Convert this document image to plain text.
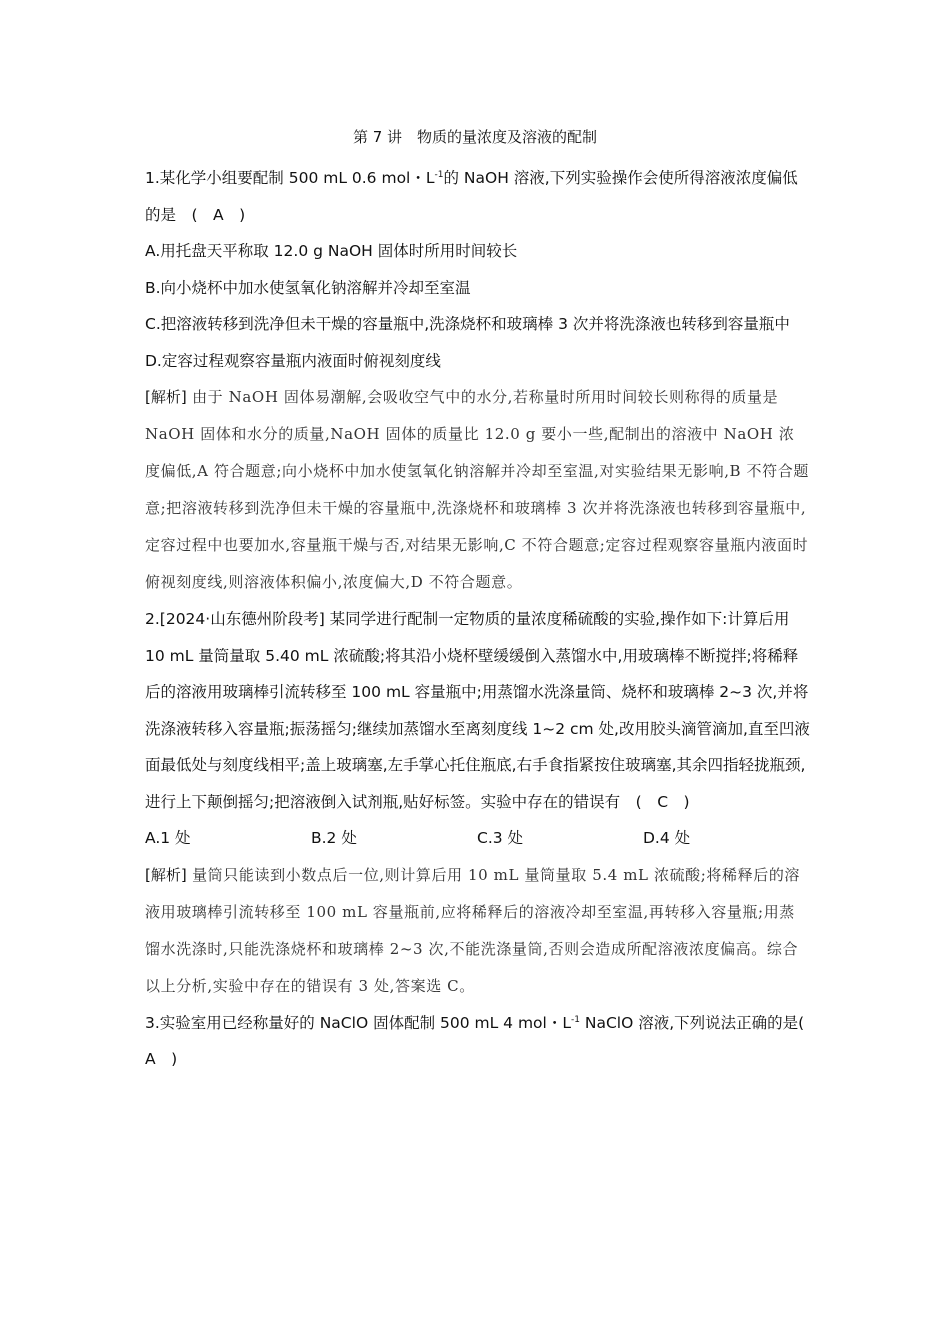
第 7 讲　物质的量浓度及溶液的配制

1.某化学小组要配制 500 mL 0.6 mol・$L^{-1}$的 NaOH 溶液,下列实验操作会使所得溶液浓度偏低的是　(　A　)

A.用托盘天平称取 12.0 g NaOH 固体时所用时间较长

B.向小烧杯中加水使氢氧化钠溶解并冷却至室温

C.把溶液转移到洗净但未干燥的容量瓶中,洗涤烧杯和玻璃棒 3 次并将洗涤液也转移到容量瓶中

D.定容过程观察容量瓶内液面时俯视刻度线

[解析] 由于 NaOH 固体易潮解,会吸收空气中的水分,若称量时所用时间较长则称得的质量是 NaOH 固体和水分的质量,NaOH 固体的质量比 12.0 g 要小一些,配制出的溶液中 NaOH 浓度偏低,A 符合题意;向小烧杯中加水使氢氧化钠溶解并冷却至室温,对实验结果无影响,B 不符合题意;把溶液转移到洗净但未干燥的容量瓶中,洗涤烧杯和玻璃棒 3 次并将洗涤液也转移到容量瓶中,定容过程中也要加水,容量瓶干燥与否,对结果无影响,C 不符合题意;定容过程观察容量瓶内液面时俯视刻度线,则溶液体积偏小,浓度偏大,D 不符合题意。

2.[2024·山东德州阶段考] 某同学进行配制一定物质的量浓度稀硫酸的实验,操作如下:计算后用 10 mL 量筒量取 5.40 mL 浓硫酸;将其沿小烧杯壁缓缓倒入蒸馏水中,用玻璃棒不断搅拌;将稀释后的溶液用玻璃棒引流转移至 100 mL 容量瓶中;用蒸馏水洗涤量筒、烧杯和玻璃棒 2~3 次,并将洗涤液转移入容量瓶;振荡摇匀;继续加蒸馏水至离刻度线 1~2 cm 处,改用胶头滴管滴加,直至凹液面最低处与刻度线相平;盖上玻璃塞,左手掌心托住瓶底,右手食指紧按住玻璃塞,其余四指轻拢瓶颈,进行上下颠倒摇匀;把溶液倒入试剂瓶,贴好标签。实验中存在的错误有　(　C　)

A.1 处	B.2 处	C.3 处	D.4 处

[解析] 量筒只能读到小数点后一位,则计算后用 10 mL 量筒量取 5.4 mL 浓硫酸;将稀释后的溶液用玻璃棒引流转移至 100 mL 容量瓶前,应将稀释后的溶液冷却至室温,再转移入容量瓶;用蒸馏水洗涤时,只能洗涤烧杯和玻璃棒 2~3 次,不能洗涤量筒,否则会造成所配溶液浓度偏高。综合以上分析,实验中存在的错误有 3 处,答案选 C。

3.实验室用已经称量好的 NaClO 固体配制 500 mL 4 mol・$L^{-1}$ NaClO 溶液,下列说法正确的是(　A　)
